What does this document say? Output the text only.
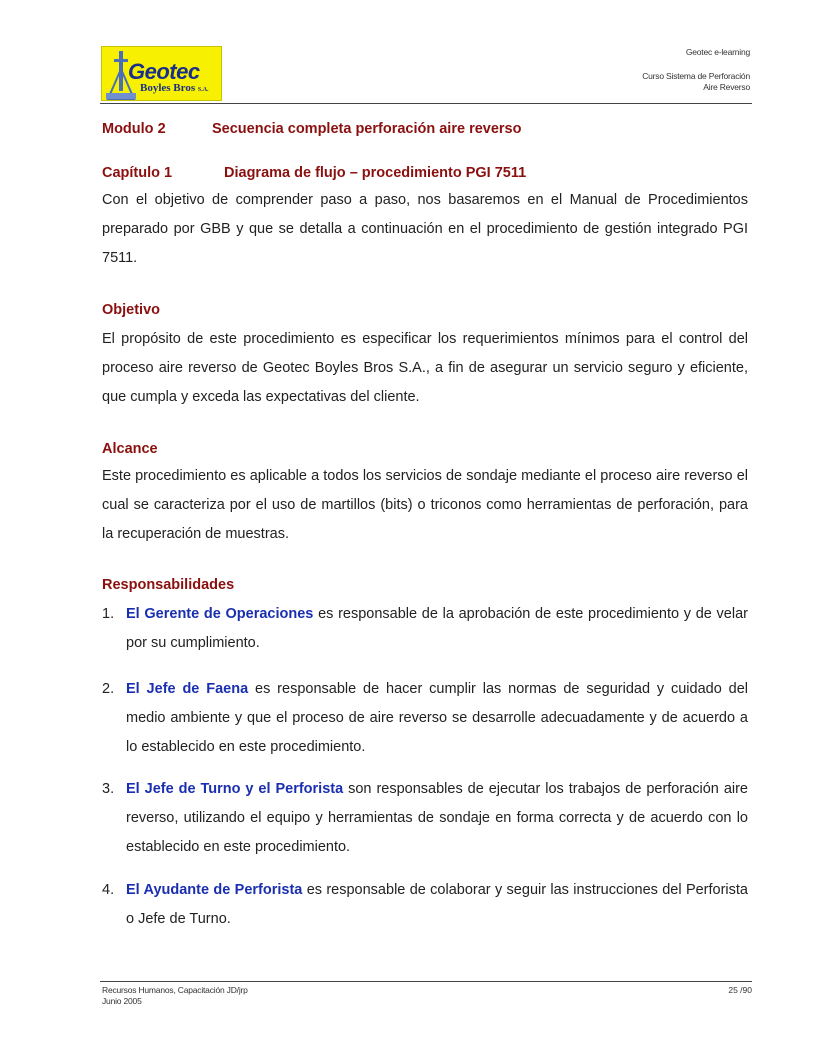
Geotec
Boyles Bros S.A.
Geotec e-learning
Curso Sistema de Perforación
Aire Reverso
Modulo 2	Secuencia completa perforación aire reverso
Capítulo 1	Diagrama de flujo – procedimiento PGI 7511

Con el objetivo de comprender paso a paso, nos basaremos en el Manual de Procedimientos preparado por GBB y que se detalla a continuación en el procedimiento de gestión integrado PGI 7511.

Objetivo

El propósito de este procedimiento es especificar los requerimientos mínimos para el control del proceso aire reverso de Geotec Boyles Bros S.A., a fin de asegurar un servicio seguro y eficiente, que cumpla y exceda las expectativas del cliente.

Alcance

Este procedimiento es aplicable a todos los servicios de sondaje mediante el proceso aire reverso el cual se caracteriza por el uso de martillos (bits) o triconos como herramientas de perforación, para la recuperación de muestras.

Responsabilidades
1. El Gerente de Operaciones es responsable de la aprobación de este procedimiento y de velar por su cumplimiento.
2. El Jefe de Faena es responsable de hacer cumplir las normas de seguridad y cuidado del medio ambiente y que el proceso de aire reverso se desarrolle adecuadamente y de acuerdo a lo establecido en este procedimiento.
3. El Jefe de Turno y el Perforista son responsables de ejecutar los trabajos de perforación aire reverso, utilizando el equipo y herramientas de sondaje en forma correcta y de acuerdo con lo establecido en este procedimiento.
4. El Ayudante de Perforista es responsable de colaborar y seguir las instrucciones del Perforista o Jefe de Turno.
Recursos Humanos, Capacitación JD/jrp
Junio 2005
25 /90
